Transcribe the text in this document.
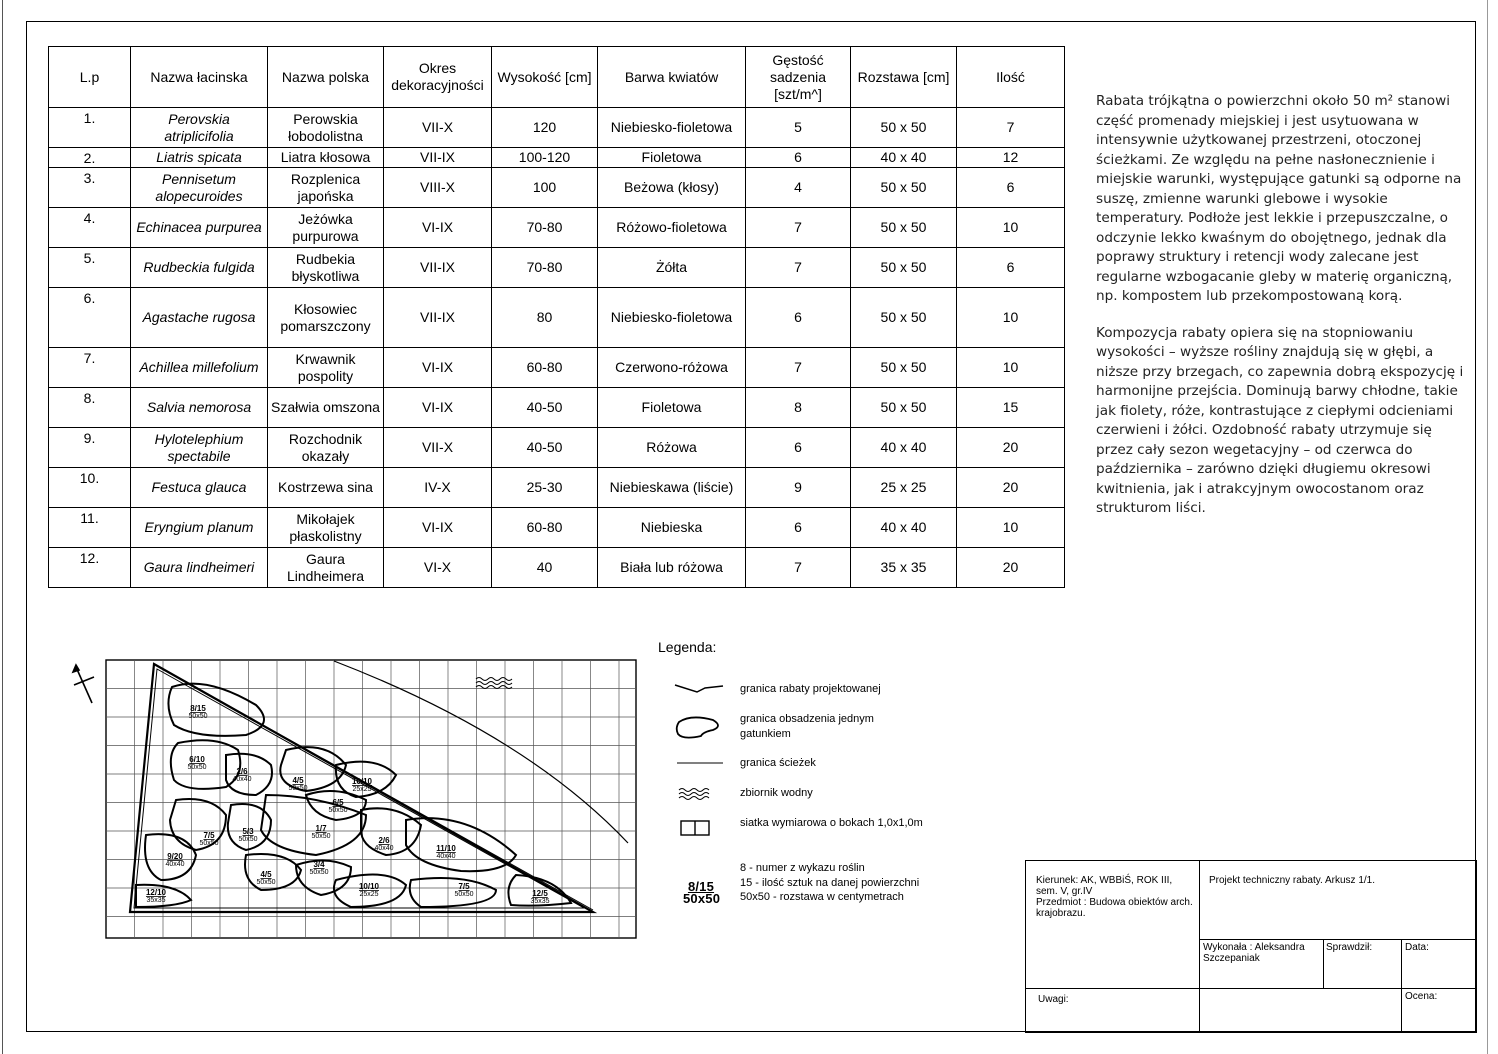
L.p	Nazwa łacinska	Nazwa polska	Okres dekoracyjności	Wysokość [cm]	Barwa kwiatów	Gęstość sadzenia [szt/m^]	Rozstawa [cm]	Ilość
1.	Perovskia atriplicifolia	Perowskia łobodolistna	VII-X	120	Niebiesko-fioletowa	5	50 x 50	7
2.	Liatris spicata	Liatra kłosowa	VII-IX	100-120	Fioletowa	6	40 x 40	12
3.	Pennisetum alopecuroides	Rozplenica japońska	VIII-X	100	Beżowa (kłosy)	4	50 x 50	6
4.	Echinacea purpurea	Jeżówka purpurowa	VI-IX	70-80	Różowo-fioletowa	7	50 x 50	10
5.	Rudbeckia fulgida	Rudbekia błyskotliwa	VII-IX	70-80	Żółta	7	50 x 50	6
6.	Agastache rugosa	Kłosowiec pomarszczony	VII-IX	80	Niebiesko-fioletowa	6	50 x 50	10
7.	Achillea millefolium	Krwawnik pospolity	VI-IX	60-80	Czerwono-różowa	7	50 x 50	10
8.	Salvia nemorosa	Szałwia omszona	VI-IX	40-50	Fioletowa	8	50 x 50	15
9.	Hylotelephium spectabile	Rozchodnik okazały	VII-X	40-50	Różowa	6	40 x 40	20
10.	Festuca glauca	Kostrzewa sina	IV-X	25-30	Niebieskawa (liście)	9	25 x 25	20
11.	Eryngium planum	Mikołajek płaskolistny	VI-IX	60-80	Niebieska	6	40 x 40	10
12.	Gaura lindheimeri	Gaura Lindheimera	VI-X	40	Biała lub różowa	7	35 x 35	20

Rabata trójkątna o powierzchni około 50 m² stanowi część promenady miejskiej i jest usytuowana w intensywnie użytkowanej przestrzeni, otoczonej ścieżkami. Ze względu na pełne nasłonecznienie i miejskie warunki, występujące gatunki są odporne na suszę, zmienne warunki glebowe i wysokie temperatury. Podłoże jest lekkie i przepuszczalne, o odczynie lekko kwaśnym do obojętnego, jednak dla poprawy struktury i retencji wody zalecane jest regularne wzbogacanie gleby w materię organiczną, np. kompostem lub przekompostowaną korą.

Kompozycja rabaty opiera się na stopniowaniu wysokości – wyższe rośliny znajdują się w głębi, a niższe przy brzegach, co zapewnia dobrą ekspozycję i harmonijne przejścia. Dominują barwy chłodne, takie jak fiolety, róże, kontrastujące z ciepłymi odcieniami czerwieni i żółci. Ozdobność rabaty utrzymuje się przez cały sezon wegetacyjny – od czerwca do października – zarówno dzięki długiemu okresowi kwitnienia, jak i atrakcyjnym owocostanom oraz strukturom liści.

8/15
50x50
6/10
50x50	2/6
40x40	4/5
50x50
10/10
25x25
6/5
50x50
7/5
50x50
5/3
50x50
1/7
50x50	2/6
40x40	11/10
40x40
9/20
40x40
4/5
50x50
3/4
50x50
12/10
35x35
10/10
25x25
7/5
50x50	12/5
35x35
Legenda:
granica rabaty projektowanej
granica obsadzenia jednym gatunkiem
granica ścieżek
zbiornik wodny
siatka wymiarowa o bokach 1,0x1,0m
8/15
50x50
8 - numer z wykazu roślin
15 - ilość sztuk na danej powierzchni
50x50 - rozstawa w centymetrach
Kierunek: AK, WBBiŚ, ROK III, sem. V, gr.IV
Przedmiot : Budowa obiektów arch. krajobrazu.
Projekt techniczny rabaty. Arkusz 1/1.
Wykonała : Aleksandra Szczepaniak
Sprawdził:	Data:
Uwagi:	Ocena:
